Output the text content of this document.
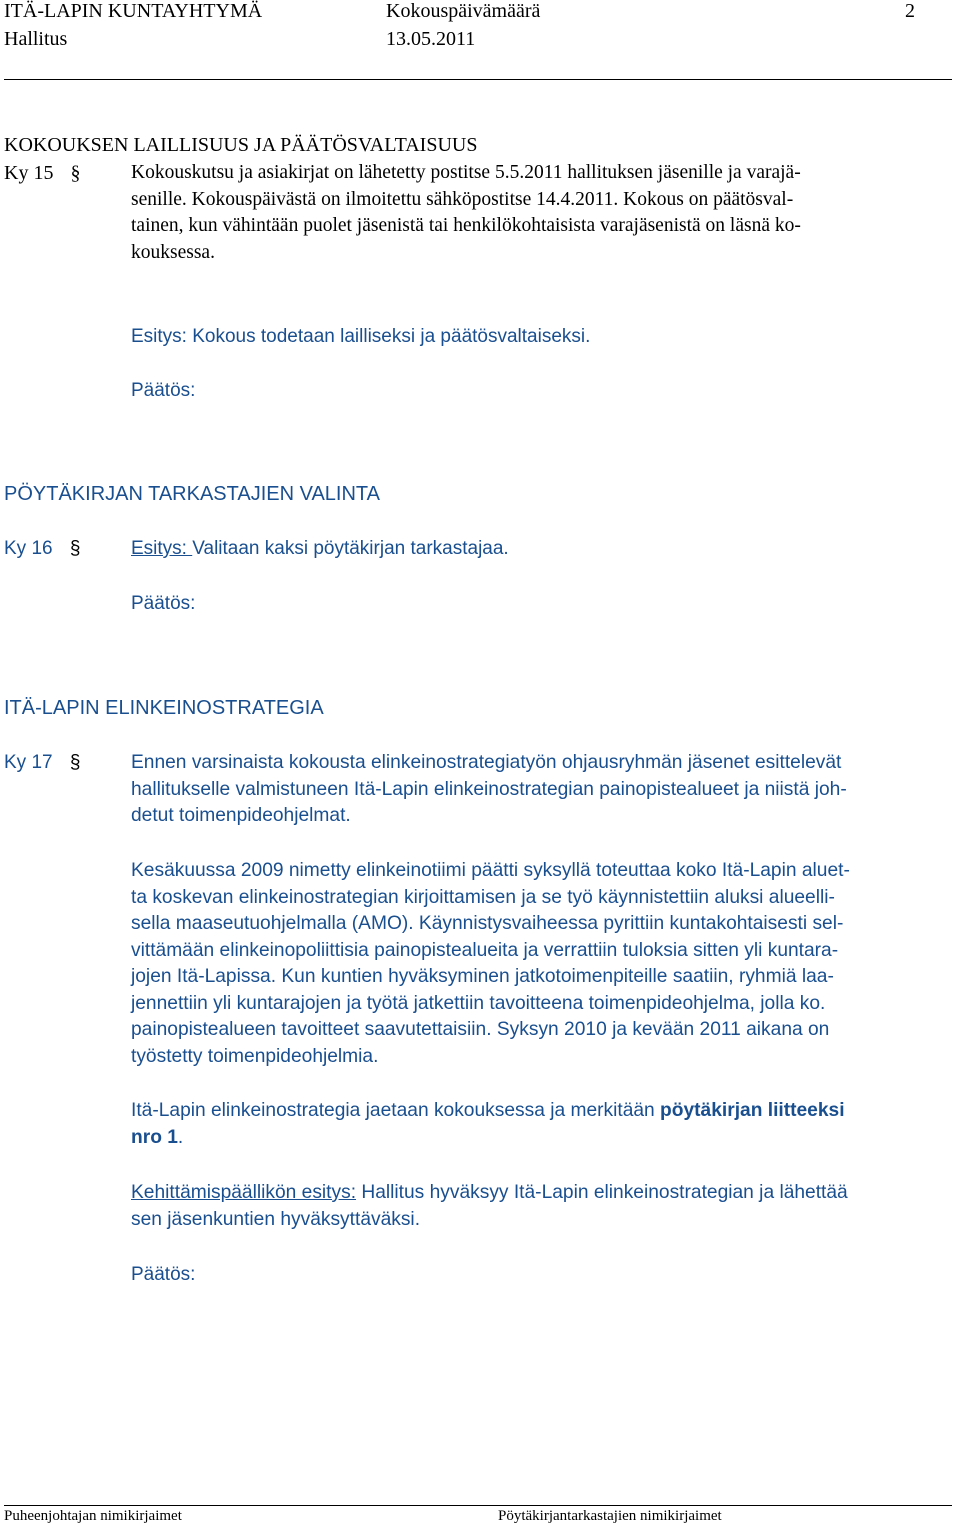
ITÄ-LAPIN KUNTAYHTYMÄ	Kokouspäivämäärä	2
Hallitus	13.05.2011
KOKOUKSEN LAILLISUUS JA PÄÄTÖSVALTAISUUS
Ky 15 §	Kokouskutsu ja asiakirjat on lähetetty postitse 5.5.2011 hallituksen jäsenille ja varajä-
senille. Kokouspäivästä on ilmoitettu sähköpostitse 14.4.2011. Kokous on päätösval-
tainen, kun vähintään puolet jäsenistä tai henkilökohtaisista varajäsenistä on läsnä ko-
kouksessa.
Esitys: Kokous todetaan lailliseksi ja päätösvaltaiseksi.
Päätös:
PÖYTÄKIRJAN TARKASTAJIEN VALINTA
Ky 16 §	Esitys: Valitaan kaksi pöytäkirjan tarkastajaa.
Päätös:
ITÄ-LAPIN ELINKEINOSTRATEGIA
Ky 17 §	Ennen varsinaista kokousta elinkeinostrategiatyön ohjausryhmän jäsenet esittelevät
hallitukselle valmistuneen Itä-Lapin elinkeinostrategian painopistealueet ja niistä joh-
detut toimenpideohjelmat.
Kesäkuussa 2009 nimetty elinkeinotiimi päätti syksyllä toteuttaa koko Itä-Lapin aluet-
ta koskevan elinkeinostrategian kirjoittamisen ja se työ käynnistettiin aluksi alueelli-
sella maaseutuohjelmalla (AMO). Käynnistysvaiheessa pyrittiin kuntakohtaisesti sel-
vittämään elinkeinopoliittisia painopistealueita ja verrattiin tuloksia sitten yli kuntara-
jojen Itä-Lapissa. Kun kuntien hyväksyminen jatkotoimenpiteille saatiin, ryhmiä laa-
jennettiin yli kuntarajojen ja työtä jatkettiin tavoitteena toimenpideohjelma, jolla ko.
painopistealueen tavoitteet saavutettaisiin. Syksyn 2010 ja kevään 2011 aikana on
työstetty toimenpideohjelmia.
Itä-Lapin elinkeinostrategia jaetaan kokouksessa ja merkitään pöytäkirjan liitteeksi
nro 1.
Kehittämispäällikön esitys: Hallitus hyväksyy Itä-Lapin elinkeinostrategian ja lähettää
sen jäsenkuntien hyväksyttäväksi.
Päätös:
Puheenjohtajan nimikirjaimet	Pöytäkirjantarkastajien nimikirjaimet
